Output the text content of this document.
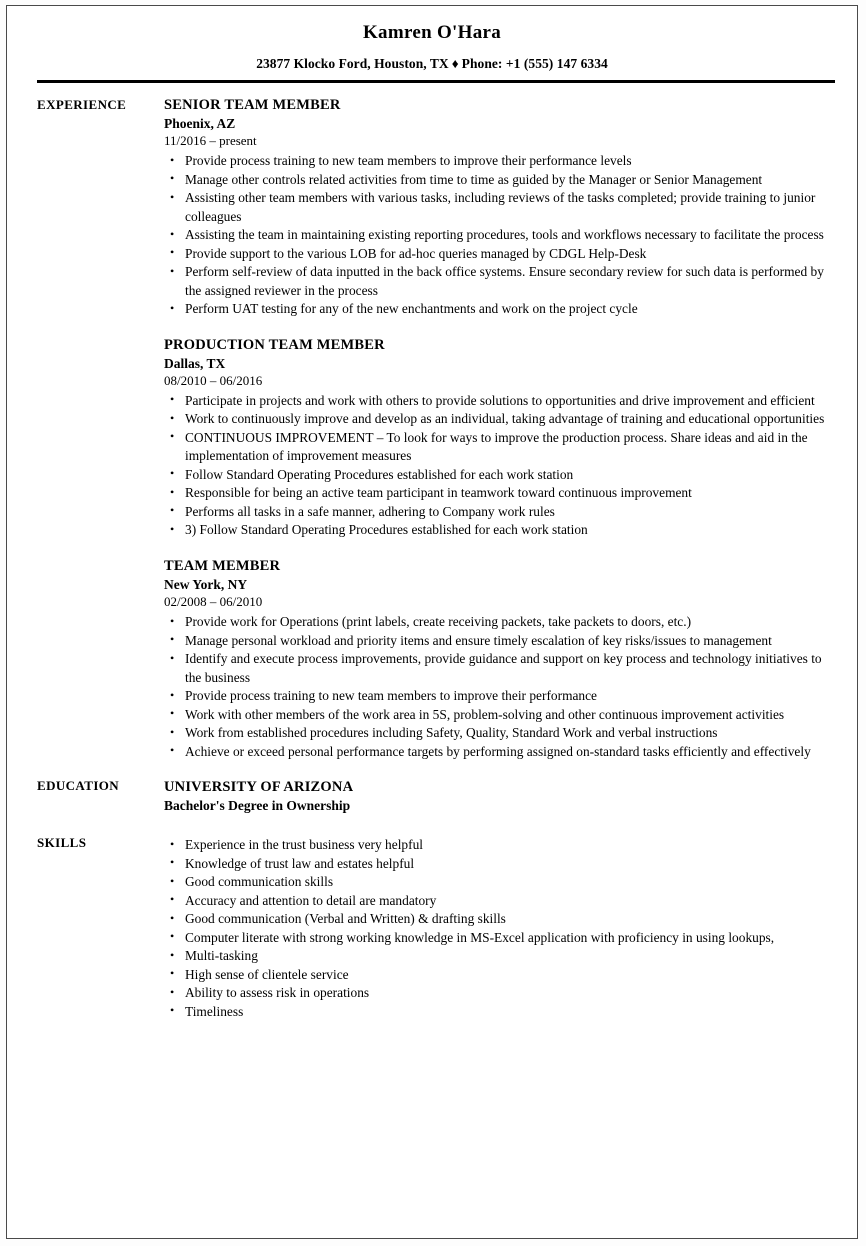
Kamren O'Hara
23877 Klocko Ford, Houston, TX ♦ Phone: +1 (555) 147 6334
EXPERIENCE	SENIOR TEAM MEMBER
Phoenix, AZ
11/2016 – present
• Provide process training to new team members to improve their performance levels
• Manage other controls related activities from time to time as guided by the Manager or Senior Management
• Assisting other team members with various tasks, including reviews of the tasks completed; provide training to junior colleagues
• Assisting the team in maintaining existing reporting procedures, tools and workflows necessary to facilitate the process
• Provide support to the various LOB for ad-hoc queries managed by CDGL Help-Desk
• Perform self-review of data inputted in the back office systems. Ensure secondary review for such data is performed by the assigned reviewer in the process
• Perform UAT testing for any of the new enchantments and work on the project cycle
PRODUCTION TEAM MEMBER
Dallas, TX
08/2010 – 06/2016
• Participate in projects and work with others to provide solutions to opportunities and drive improvement and efficient
• Work to continuously improve and develop as an individual, taking advantage of training and educational opportunities
• CONTINUOUS IMPROVEMENT – To look for ways to improve the production process. Share ideas and aid in the implementation of improvement measures
• Follow Standard Operating Procedures established for each work station
• Responsible for being an active team participant in teamwork toward continuous improvement
• Performs all tasks in a safe manner, adhering to Company work rules
• 3) Follow Standard Operating Procedures established for each work station
TEAM MEMBER
New York, NY
02/2008 – 06/2010
• Provide work for Operations (print labels, create receiving packets, take packets to doors, etc.)
• Manage personal workload and priority items and ensure timely escalation of key risks/issues to management
• Identify and execute process improvements, provide guidance and support on key process and technology initiatives to the business
• Provide process training to new team members to improve their performance
• Work with other members of the work area in 5S, problem-solving and other continuous improvement activities
• Work from established procedures including Safety, Quality, Standard Work and verbal instructions
• Achieve or exceed personal performance targets by performing assigned on-standard tasks efficiently and effectively
EDUCATION	UNIVERSITY OF ARIZONA
Bachelor's Degree in Ownership
SKILLS	• Experience in the trust business very helpful
• Knowledge of trust law and estates helpful
• Good communication skills
• Accuracy and attention to detail are mandatory
• Good communication (Verbal and Written) & drafting skills
• Computer literate with strong working knowledge in MS-Excel application with proficiency in using lookups,
• Multi-tasking
• High sense of clientele service
• Ability to assess risk in operations
• Timeliness
